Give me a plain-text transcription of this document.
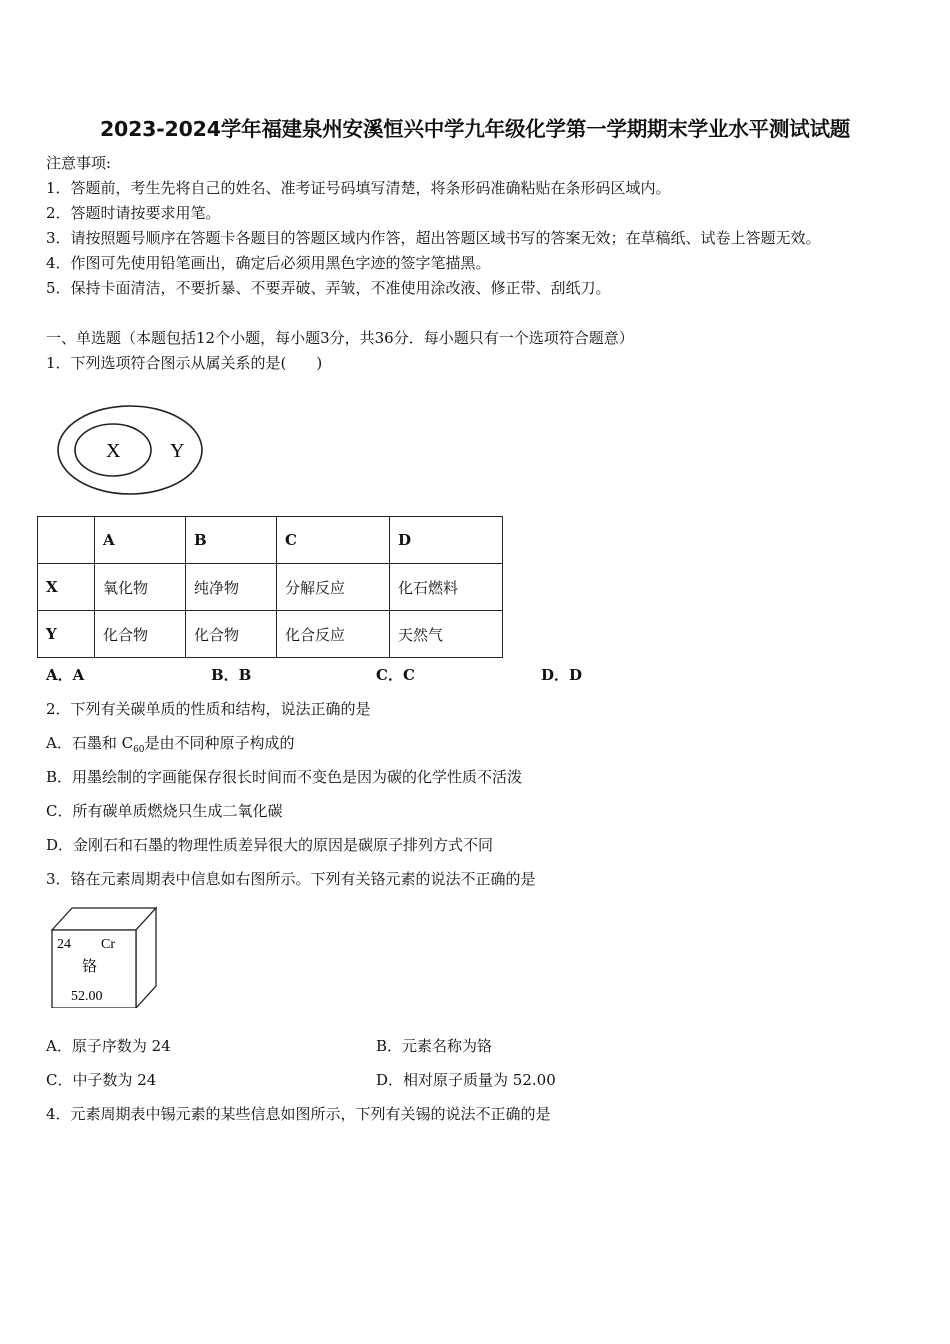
2023-2024学年福建泉州安溪恒兴中学九年级化学第一学期期末学业水平测试试题
注意事项:
1．答题前，考生先将自己的姓名、准考证号码填写清楚，将条形码准确粘贴在条形码区域内。
2．答题时请按要求用笔。
3．请按照题号顺序在答题卡各题目的答题区域内作答，超出答题区域书写的答案无效；在草稿纸、试卷上答题无效。
4．作图可先使用铅笔画出，确定后必须用黑色字迹的签字笔描黑。
5．保持卡面清洁，不要折暴、不要弄破、弄皱，不准使用涂改液、修正带、刮纸刀。
一、单选题（本题包括12个小题，每小题3分，共36分．每小题只有一个选项符合题意）
1．下列选项符合图示从属关系的是(　　)
X Y
	A	B	C	D
X	氧化物	纯净物	分解反应	化石燃料
Y	化合物	化合物	化合反应	天然气
A．A	B．B	C．C	D．D
2．下列有关碳单质的性质和结构，说法正确的是
A．石墨和 $C_{60}$是由不同种原子构成的
B．用墨绘制的字画能保存很长时间而不变色是因为碳的化学性质不活泼
C．所有碳单质燃烧只生成二氧化碳
D．金刚石和石墨的物理性质差异很大的原因是碳原子排列方式不同
3．铬在元素周期表中信息如右图所示。下列有关铬元素的说法不正确的是
24 Cr
铬
52.00
A．原子序数为 24	B．元素名称为铬
C．中子数为 24	D．相对原子质量为 52.00
4．元素周期表中锡元素的某些信息如图所示，下列有关锡的说法不正确的是
